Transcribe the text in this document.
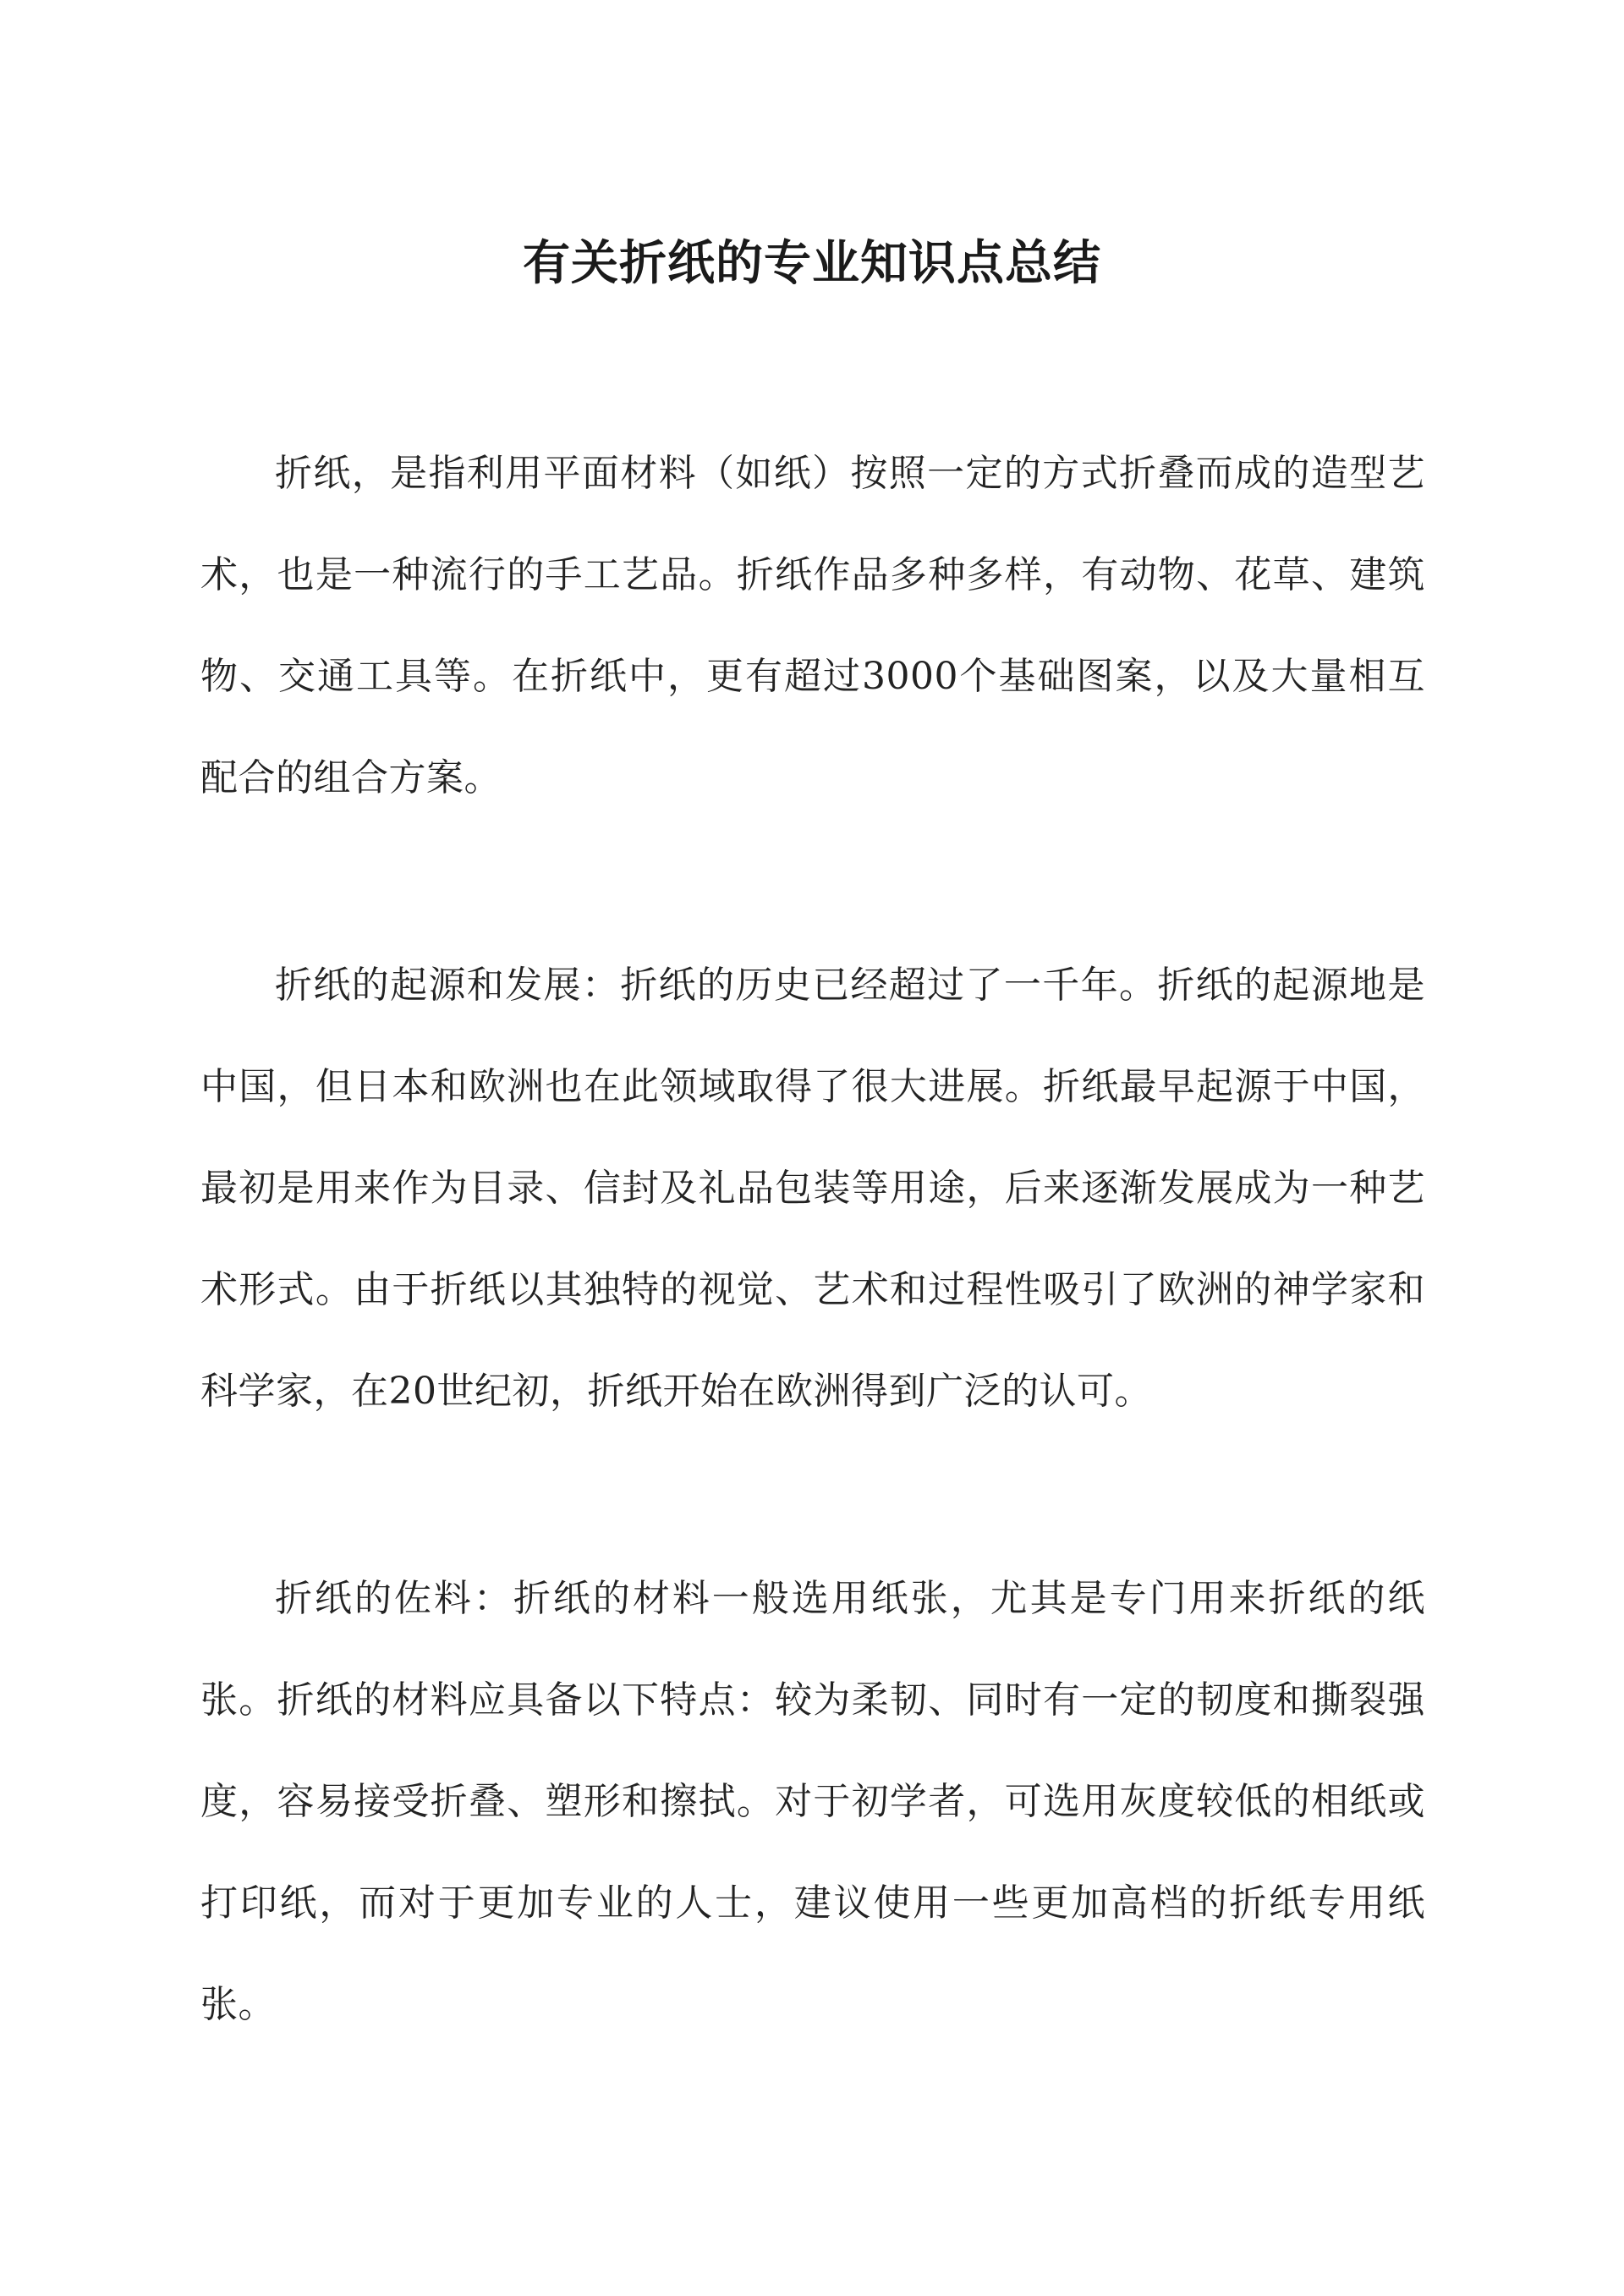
有关折纸的专业知识点总结

折纸，是指利用平面材料（如纸）按照一定的方式折叠而成的造型艺术，也是一种流行的手工艺品。折纸作品多种多样，有动物、花草、建筑物、交通工具等。在折纸中，更有超过3000个基础图案，以及大量相互配合的组合方案。

折纸的起源和发展：折纸的历史已经超过了一千年。折纸的起源地是中国，但日本和欧洲也在此领域取得了很大进展。折纸最早起源于中国，最初是用来作为目录、信封及礼品包装等用途，后来逐渐发展成为一种艺术形式。由于折纸以其独特的视觉、艺术和过程性吸引了欧洲的神学家和科学家，在20世纪初，折纸开始在欧洲得到广泛的认可。

折纸的佐料：折纸的材料一般选用纸张，尤其是专门用来折纸的纸张。折纸的材料应具备以下特点：较为柔韧、同时有一定的韧度和撕裂强度，容易接受折叠、塑形和擦拭。对于初学者，可选用灰度较低的相纸或打印纸，而对于更加专业的人士，建议使用一些更加高档的折纸专用纸张。
